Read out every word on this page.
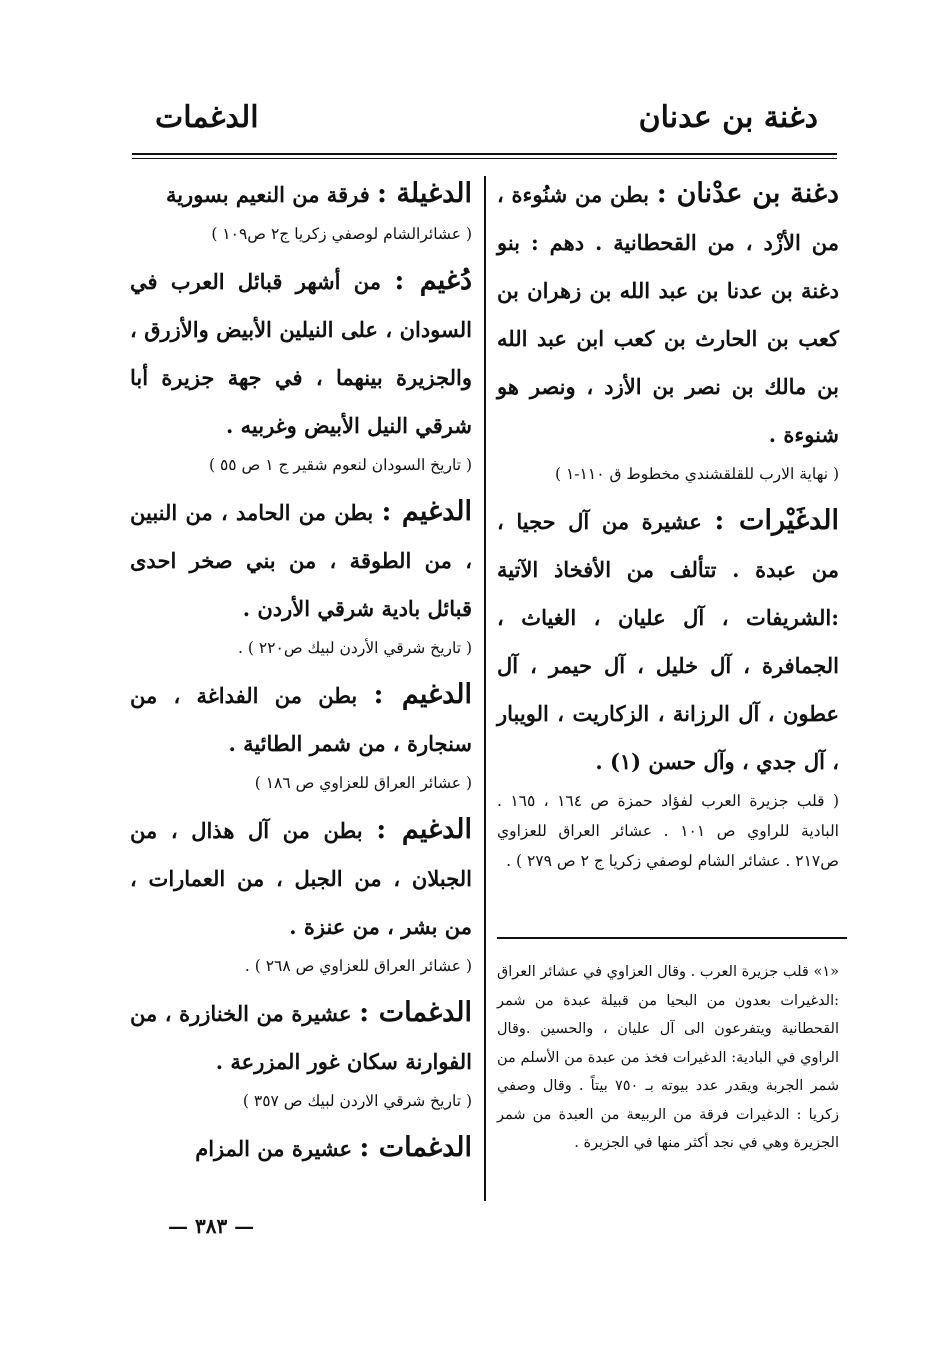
دغنة بن عدنان
الدغمات

دغنة بن عدْنان : بطن من شنُوءة ، من الأزْد ، من القحطانية . دهم : بنو دغنة بن عدنا بن عبد الله بن زهران بن كعب بن الحارث بن كعب ابن عبد الله بن مالك بن نصر بن الأزد ، ونصر هو شنوءة .

( نهاية الارب للقلقشندي مخطوط ق ١١٠-١ )

الدغَيْرات : عشيرة من آل حجيا ، من عبدة . تتألف من الأفخاذ الآتية :الشريفات ، آل عليان ، الغياث ، الجمافرة ، آل خليل ، آل حيمر ، آل عطون ، آل الرزانة ، الزكاريت ، الويبار ، آل جدي ، وآل حسن (١) .

( قلب جزيرة العرب لفؤاد حمزة ص ١٦٤ ، ١٦٥ . البادية للراوي ص ١٠١ . عشائر العراق للعزاوي ص٢١٧ . عشائر الشام لوصفي زكريا ج ٢ ص ٢٧٩ ) .

«١» قلب جزيرة العرب . وقال العزاوي في عشائر العراق :الدغيرات بعدون من البحيا من قبيلة عبدة من شمر القحطانية ويتفرعون الى آل عليان ، والحسين .وقال الراوي في البادية: الدغيرات فخذ من عبدة من الأسلم من شمر الجربة ويقدر عدد بيوته بـ ٧٥٠ بيتاً . وقال وصفي زكريا : الدغيرات فرقة من الربيعة من العبدة من شمر الجزيرة وهي في نجد أكثر منها في الجزيرة .

الدغيلة : فرقة من النعيم بسورية

( عشائرالشام لوصفي زكريا ج٢ ص١٠٩ )

دُغيم : من أشهر قبائل العرب في السودان ، على النيلين الأبيض والأزرق ، والجزيرة بينهما ، في جهة جزيرة أبا شرقي النيل الأبيض وغربيه .

( تاريخ السودان لنعوم شقير ج ١ ص ٥٥ )

الدغيم : بطن من الحامد ، من النبين ، من الطوقة ، من بني صخر احدى قبائل بادية شرقي الأردن .

( تاريخ شرقي الأردن لبيك ص٢٢٠ ) .

الدغيم : بطن من الفداغة ، من سنجارة ، من شمر الطائية .

( عشائر العراق للعزاوي ص ١٨٦ )

الدغيم : بطن من آل هذال ، من الجبلان ، من الجبل ، من العمارات ، من بشر ، من عنزة .

( عشائر العراق للعزاوي ص ٢٦٨ ) .

الدغمات : عشيرة من الخنازرة ، من الفوارنة سكان غور المزرعة .

( تاريخ شرقي الاردن لبيك ص ٣٥٧ )

الدغمات : عشيرة من المزام

— ٣٨٣ —
